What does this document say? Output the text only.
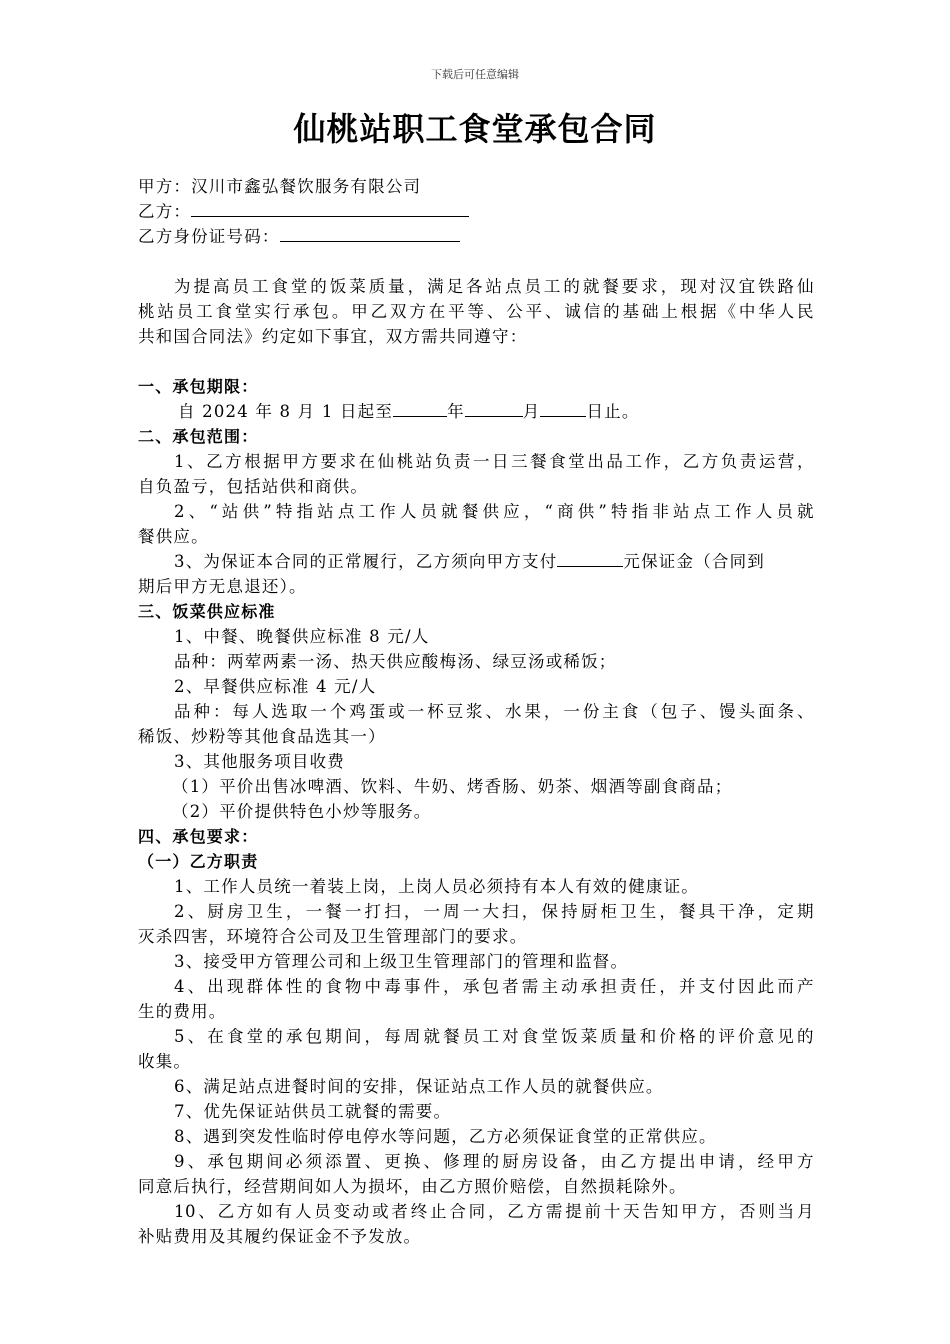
下载后可任意编辑
仙桃站职工食堂承包合同
甲方：汉川市鑫弘餐饮服务有限公司
乙方：
乙方身份证号码：
为提高员工食堂的饭菜质量，满足各站点员工的就餐要求，现对汉宜铁路仙
桃站员工食堂实行承包。甲乙双方在平等、公平、诚信的基础上根据《中华人民
共和国合同法》约定如下事宜，双方需共同遵守：
一、承包期限：
自 2024 年 8 月 1 日起至	年	月	日止。
二、承包范围：
1、乙方根据甲方要求在仙桃站负责一日三餐食堂出品工作，乙方负责运营，
自负盈亏，包括站供和商供。
2、“站供”特指站点工作人员就餐供应，“商供”特指非站点工作人员就
餐供应。
3、为保证本合同的正常履行，乙方须向甲方支付	元保证金（合同到
期后甲方无息退还）。
三、饭菜供应标准
1、中餐、晚餐供应标准 8 元/人
品种：两荤两素一汤、热天供应酸梅汤、绿豆汤或稀饭；
2、早餐供应标准 4 元/人
品种：每人选取一个鸡蛋或一杯豆浆、水果，一份主食（包子、馒头面条、
稀饭、炒粉等其他食品选其一）
3、其他服务项目收费
（1）平价出售冰啤酒、饮料、牛奶、烤香肠、奶茶、烟酒等副食商品；
（2）平价提供特色小炒等服务。
四、承包要求：
（一）乙方职责
1、工作人员统一着装上岗，上岗人员必须持有本人有效的健康证。
2、厨房卫生，一餐一打扫，一周一大扫，保持厨柜卫生，餐具干净，定期
灭杀四害，环境符合公司及卫生管理部门的要求。
3、接受甲方管理公司和上级卫生管理部门的管理和监督。
4、出现群体性的食物中毒事件，承包者需主动承担责任，并支付因此而产
生的费用。
5、在食堂的承包期间，每周就餐员工对食堂饭菜质量和价格的评价意见的
收集。
6、满足站点进餐时间的安排，保证站点工作人员的就餐供应。
7、优先保证站供员工就餐的需要。
8、遇到突发性临时停电停水等问题，乙方必须保证食堂的正常供应。
9、承包期间必须添置、更换、修理的厨房设备，由乙方提出申请，经甲方
同意后执行，经营期间如人为损坏，由乙方照价赔偿，自然损耗除外。
10、乙方如有人员变动或者终止合同，乙方需提前十天告知甲方，否则当月
补贴费用及其履约保证金不予发放。
